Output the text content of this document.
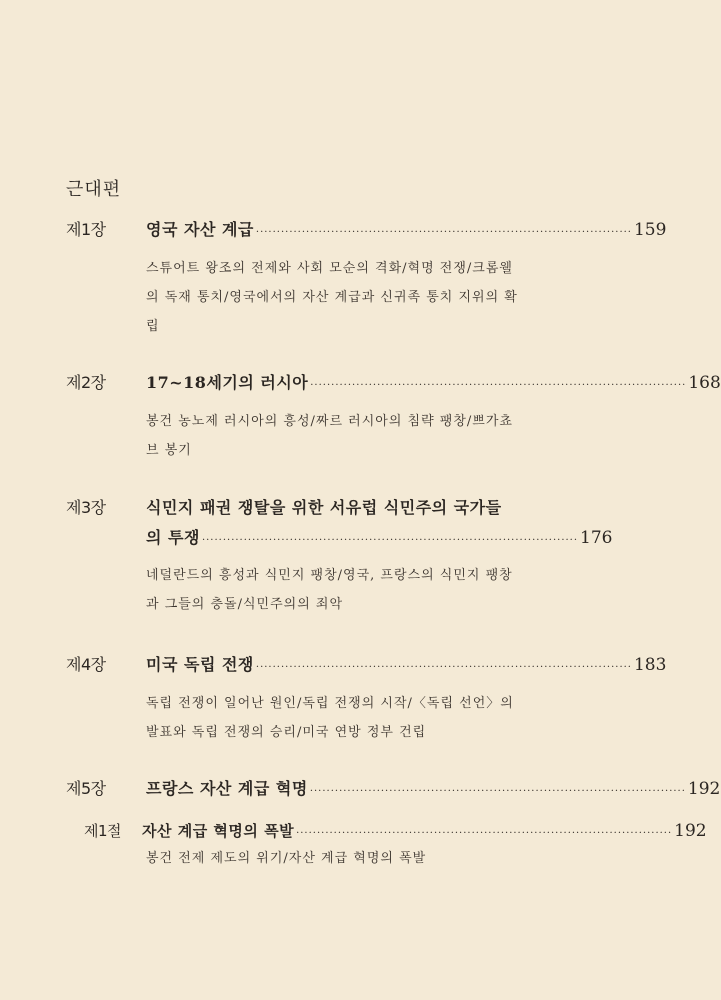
근대편
제1장	영국 자산 계급 ·························································································· 159
스튜어트 왕조의 전제와 사회 모순의 격화/혁명 전쟁/크롬웰의 독재 통치/영국에서의 자산 계급과 신귀족 통치 지위의 확립
제2장	17~18세기의 러시아 ·························································································· 168
봉건 농노제 러시아의 흥성/짜르 러시아의 침략 팽창/쁘가쵸브 봉기
제3장	식민지 패권 쟁탈을 위한 서유럽 식민주의 국가들
의 투쟁 ·························································································· 176
네덜란드의 흥성과 식민지 팽창/영국, 프랑스의 식민지 팽창과 그들의 충돌/식민주의의 죄악
제4장	미국 독립 전쟁 ·························································································· 183
독립 전쟁이 일어난 원인/독립 전쟁의 시작/〈독립 선언〉의 발표와 독립 전쟁의 승리/미국 연방 정부 건립
제5장	프랑스 자산 계급 혁명 ·························································································· 192
제1절	자산 계급 혁명의 폭발 ·························································································· 192
봉건 전제 제도의 위기/자산 계급 혁명의 폭발
